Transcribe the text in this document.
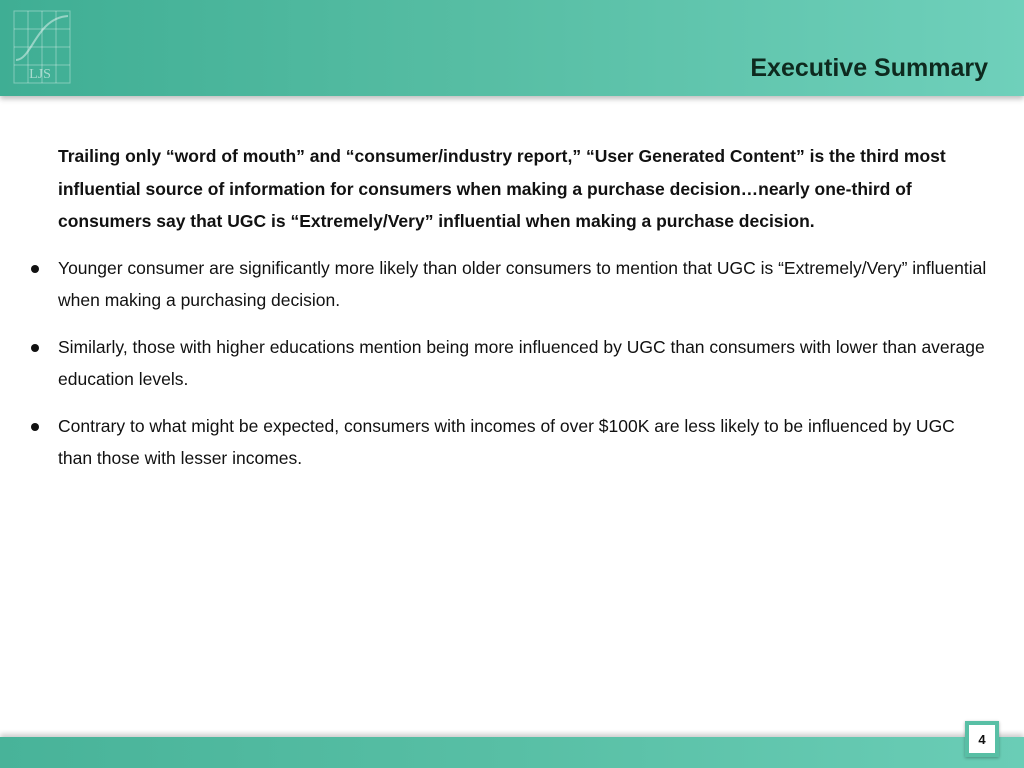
LJS	Executive Summary

Trailing only “word of mouth” and “consumer/industry report,” “User Generated Content” is the third most influential source of information for consumers when making a purchase decision…nearly one-third of consumers say that UGC is “Extremely/Very” influential when making a purchase decision.

Younger consumer are significantly more likely than older consumers to mention that UGC is “Extremely/Very” influential when making a purchasing decision.
Similarly, those with higher educations mention being more influenced by UGC than consumers with lower than average education levels.
Contrary to what might be expected, consumers with incomes of over $100K are less likely to be influenced by UGC than those with lesser incomes.
4
